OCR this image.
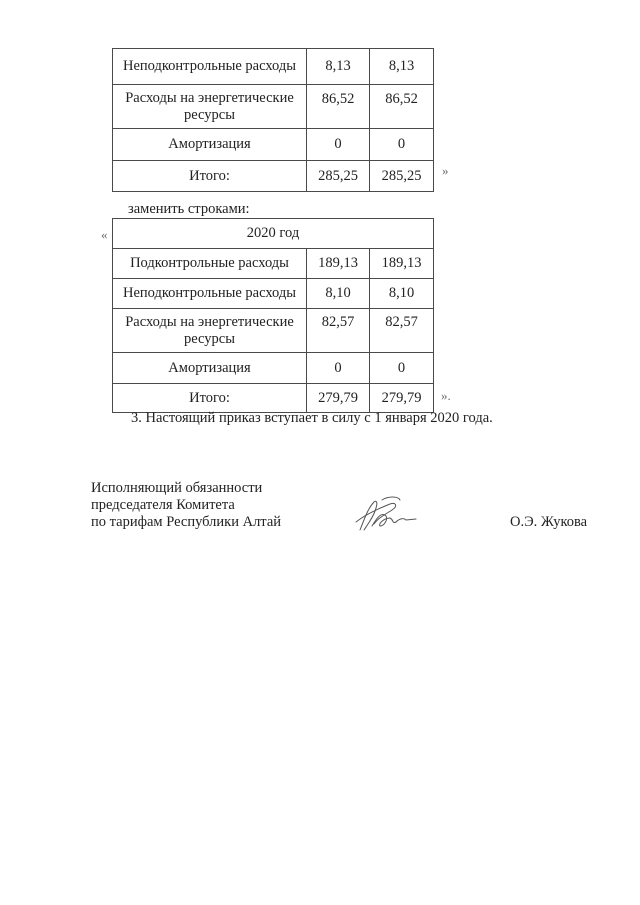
Неподконтрольные расходы	8,13	8,13
Расходы на энергетические ресурсы	86,52	86,52
Амортизация	0	0
Итого:	285,25	285,25 »
заменить строками:
«	2020 год		
Подконтрольные расходы	189,13	189,13
Неподконтрольные расходы	8,10	8,10
Расходы на энергетические ресурсы	82,57	82,57
Амортизация	0	0
Итого:	279,79	279,79 ».
3. Настоящий приказ вступает в силу с 1 января 2020 года.
Исполняющий обязанности
председателя Комитета
по тарифам Республики Алтай	О.Э. Жукова
